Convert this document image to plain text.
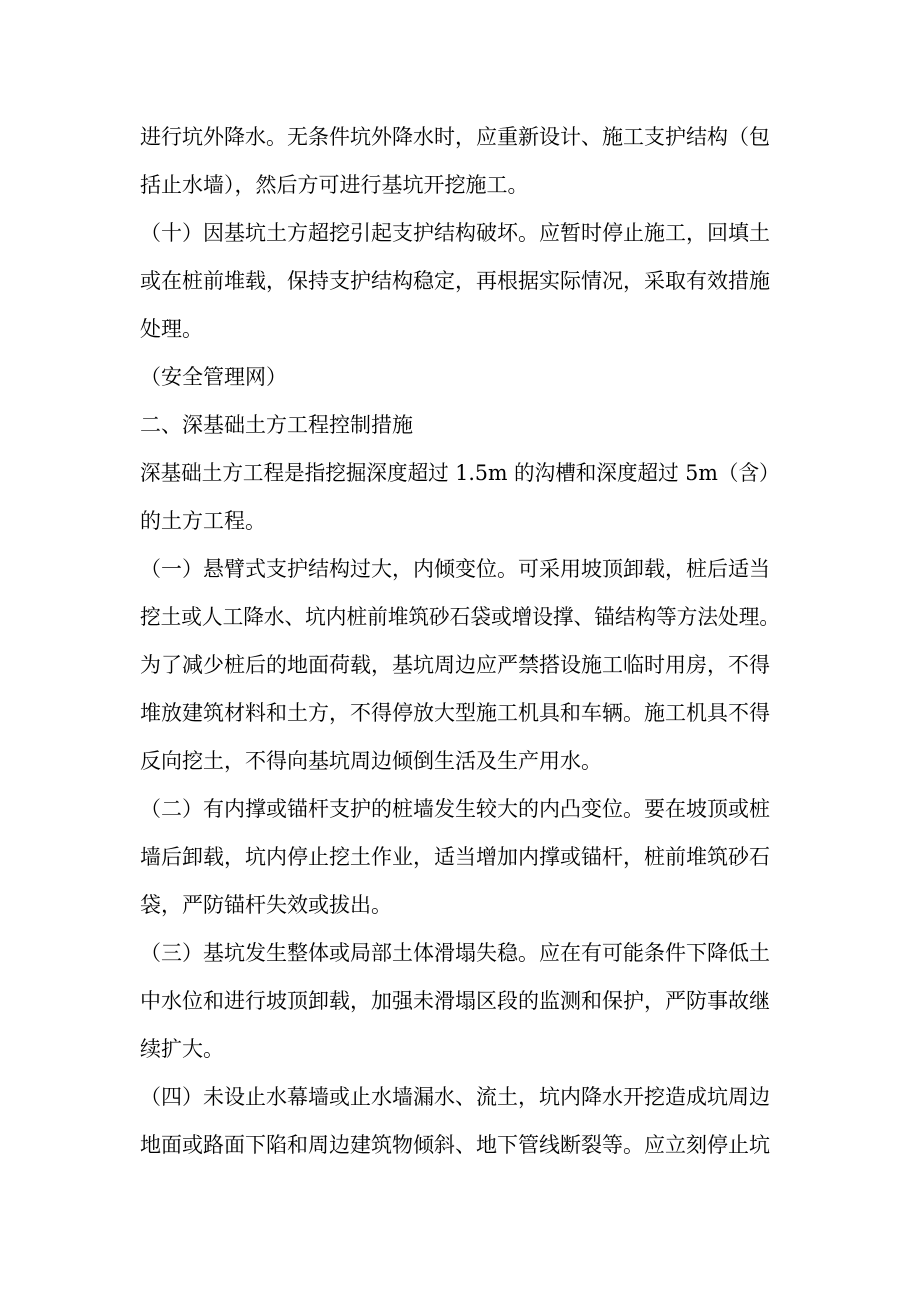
进行坑外降水。无条件坑外降水时，应重新设计、施工支护结构（包
括止水墙），然后方可进行基坑开挖施工。
（十）因基坑土方超挖引起支护结构破坏。应暂时停止施工，回填土
或在桩前堆载，保持支护结构稳定，再根据实际情况，采取有效措施
处理。
（安全管理网）
二、深基础土方工程控制措施
深基础土方工程是指挖掘深度超过 1.5m 的沟槽和深度超过 5m（含）
的土方工程。
（一）悬臂式支护结构过大，内倾变位。可采用坡顶卸载，桩后适当
挖土或人工降水、坑内桩前堆筑砂石袋或增设撑、锚结构等方法处理。
为了减少桩后的地面荷载，基坑周边应严禁搭设施工临时用房，不得
堆放建筑材料和土方，不得停放大型施工机具和车辆。施工机具不得
反向挖土，不得向基坑周边倾倒生活及生产用水。
（二）有内撑或锚杆支护的桩墙发生较大的内凸变位。要在坡顶或桩
墙后卸载，坑内停止挖土作业，适当增加内撑或锚杆，桩前堆筑砂石
袋，严防锚杆失效或拔出。
（三）基坑发生整体或局部土体滑塌失稳。应在有可能条件下降低土
中水位和进行坡顶卸载，加强未滑塌区段的监测和保护，严防事故继
续扩大。
（四）未设止水幕墙或止水墙漏水、流土，坑内降水开挖造成坑周边
地面或路面下陷和周边建筑物倾斜、地下管线断裂等。应立刻停止坑
